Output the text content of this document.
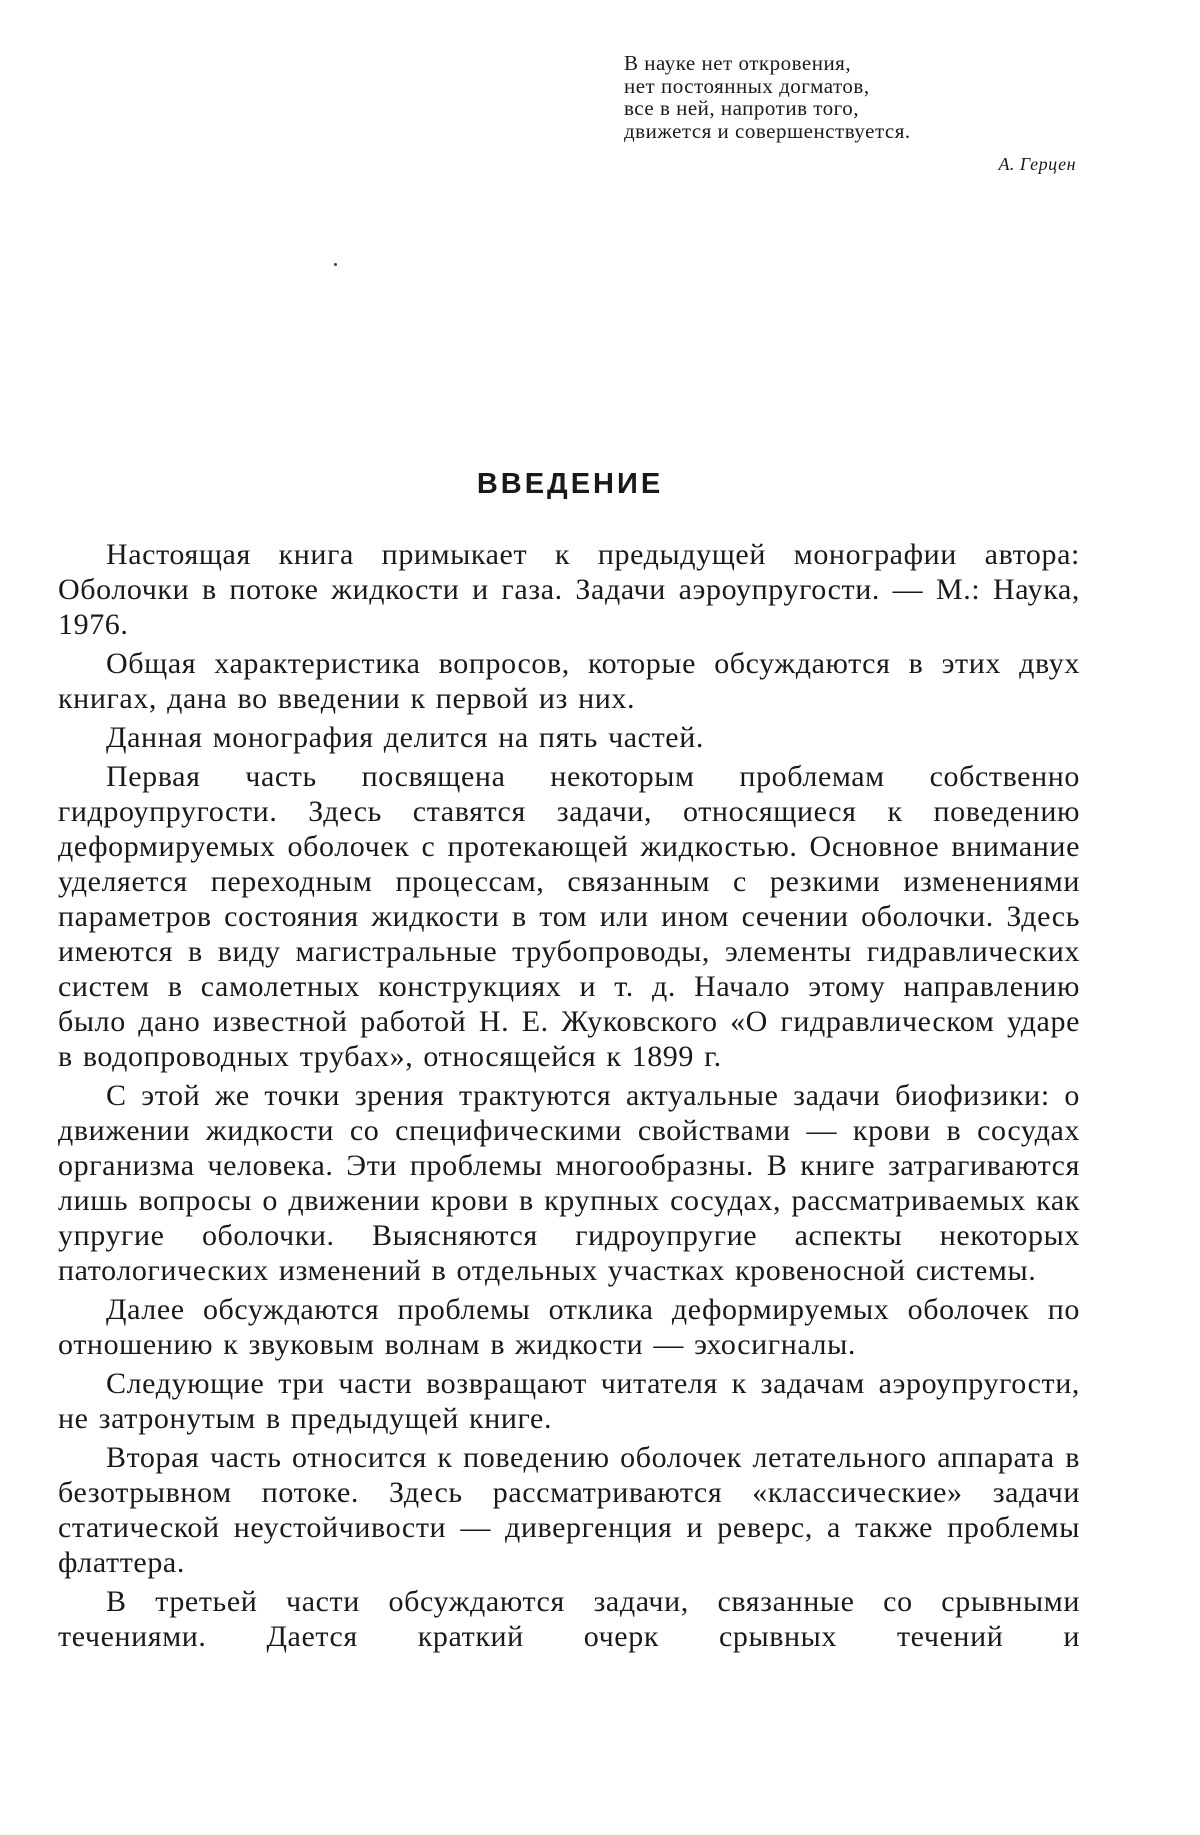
В науке нет откровения,
нет постоянных догматов,
все в ней, напротив того,
движется и совершенствуется.
А. Герцен
ВВЕДЕНИЕ

Настоящая книга примыкает к предыдущей монографии автора: Оболочки в потоке жидкости и газа. Задачи аэроупругости. — М.: Наука, 1976.

Общая характеристика вопросов, которые обсуждаются в этих двух книгах, дана во введении к первой из них.

Данная монография делится на пять частей.

Первая часть посвящена некоторым проблемам собственно гидроупругости. Здесь ставятся задачи, относящиеся к поведению деформируемых оболочек с протекающей жидкостью. Основное внимание уделяется переходным процессам, связанным с резкими изменениями параметров состояния жидкости в том или ином сечении оболочки. Здесь имеются в виду магистральные трубопроводы, элементы гидравлических систем в самолетных конструкциях и т. д. Начало этому направлению было дано известной работой Н. Е. Жуковского «О гидравлическом ударе в водопроводных трубах», относящейся к 1899 г.

С этой же точки зрения трактуются актуальные задачи биофизики: о движении жидкости со специфическими свойствами — крови в сосудах организма человека. Эти проблемы многообразны. В книге затрагиваются лишь вопросы о движении крови в крупных сосудах, рассматриваемых как упругие оболочки. Выясняются гидроупругие аспекты некоторых патологических изменений в отдельных участках кровеносной системы.

Далее обсуждаются проблемы отклика деформируемых оболочек по отношению к звуковым волнам в жидкости — эхосигналы.

Следующие три части возвращают читателя к задачам аэроупругости, не затронутым в предыдущей книге.

Вторая часть относится к поведению оболочек летательного аппарата в безотрывном потоке. Здесь рассматриваются «классические» задачи статической неустойчивости — дивергенция и реверс, а также проблемы флаттера.

В третьей части обсуждаются задачи, связанные со срывными течениями. Дается краткий очерк срывных течений и
